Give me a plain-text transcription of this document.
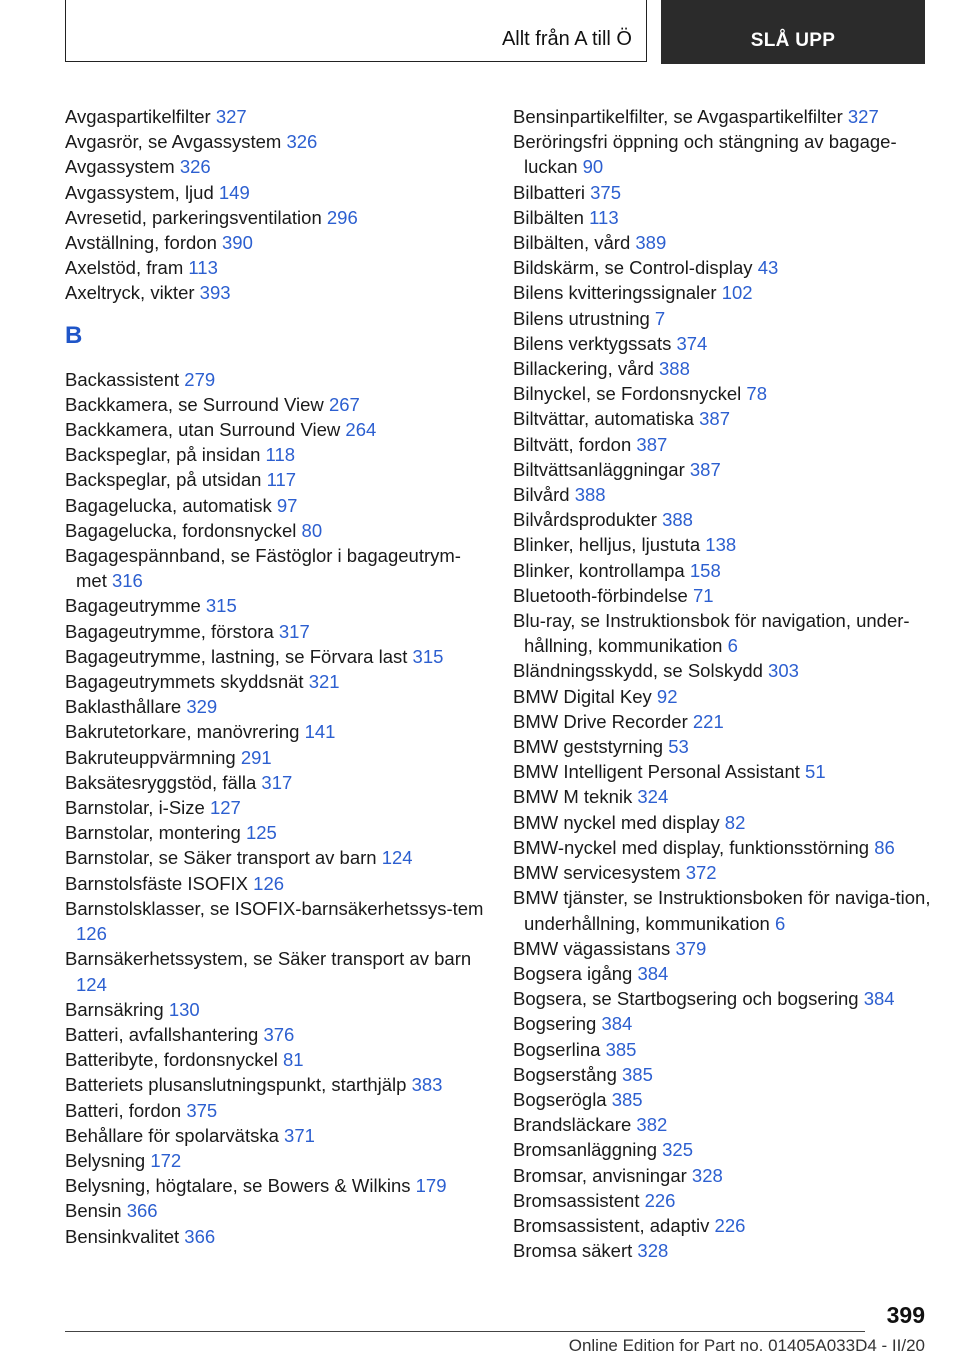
Allt från A till Ö	SLÅ UPP
Avgaspartikelfilter 327
Avgasrör, se Avgassystem 326
Avgassystem 326
Avgassystem, ljud 149
Avresetid, parkeringsventilation 296
Avställning, fordon 390
Axelstöd, fram 113
Axeltryck, vikter 393
B
Backassistent 279
Backkamera, se Surround View 267
Backkamera, utan Surround View 264
Backspeglar, på insidan 118
Backspeglar, på utsidan 117
Bagagelucka, automatisk 97
Bagagelucka, fordonsnyckel 80
Bagagespännband, se Fästöglor i bagageutrym-met 316
Bagageutrymme 315
Bagageutrymme, förstora 317
Bagageutrymme, lastning, se Förvara last 315
Bagageutrymmets skyddsnät 321
Baklasthållare 329
Bakrutetorkare, manövrering 141
Bakruteuppvärmning 291
Baksätesryggstöd, fälla 317
Barnstolar, i-Size 127
Barnstolar, montering 125
Barnstolar, se Säker transport av barn 124
Barnstolsfäste ISOFIX 126
Barnstolsklasser, se ISOFIX-barnsäkerhetssys-tem 126
Barnsäkerhetssystem, se Säker transport av barn 124
Barnsäkring 130
Batteri, avfallshantering 376
Batteribyte, fordonsnyckel 81
Batteriets plusanslutningspunkt, starthjälp 383
Batteri, fordon 375
Behållare för spolarvätska 371
Belysning 172
Belysning, högtalare, se Bowers & Wilkins 179
Bensin 366
Bensinkvalitet 366
Bensinpartikelfilter, se Avgaspartikelfilter 327
Beröringsfri öppning och stängning av bagage-luckan 90
Bilbatteri 375
Bilbälten 113
Bilbälten, vård 389
Bildskärm, se Control-display 43
Bilens kvitteringssignaler 102
Bilens utrustning 7
Bilens verktygssats 374
Billackering, vård 388
Bilnyckel, se Fordonsnyckel 78
Biltvättar, automatiska 387
Biltvätt, fordon 387
Biltvättsanläggningar 387
Bilvård 388
Bilvårdsprodukter 388
Blinker, helljus, ljustuta 138
Blinker, kontrollampa 158
Bluetooth-förbindelse 71
Blu-ray, se Instruktionsbok för navigation, under-hållning, kommunikation 6
Bländningsskydd, se Solskydd 303
BMW Digital Key 92
BMW Drive Recorder 221
BMW geststyrning 53
BMW Intelligent Personal Assistant 51
BMW M teknik 324
BMW nyckel med display 82
BMW-nyckel med display, funktionsstörning 86
BMW servicesystem 372
BMW tjänster, se Instruktionsboken för naviga-tion, underhållning, kommunikation 6
BMW vägassistans 379
Bogsera igång 384
Bogsera, se Startbogsering och bogsering 384
Bogsering 384
Bogserlina 385
Bogserstång 385
Bogserögla 385
Brandsläckare 382
Bromsanläggning 325
Bromsar, anvisningar 328
Bromsassistent 226
Bromsassistent, adaptiv 226
Bromsa säkert 328
399
Online Edition for Part no. 01405A033D4 - II/20
